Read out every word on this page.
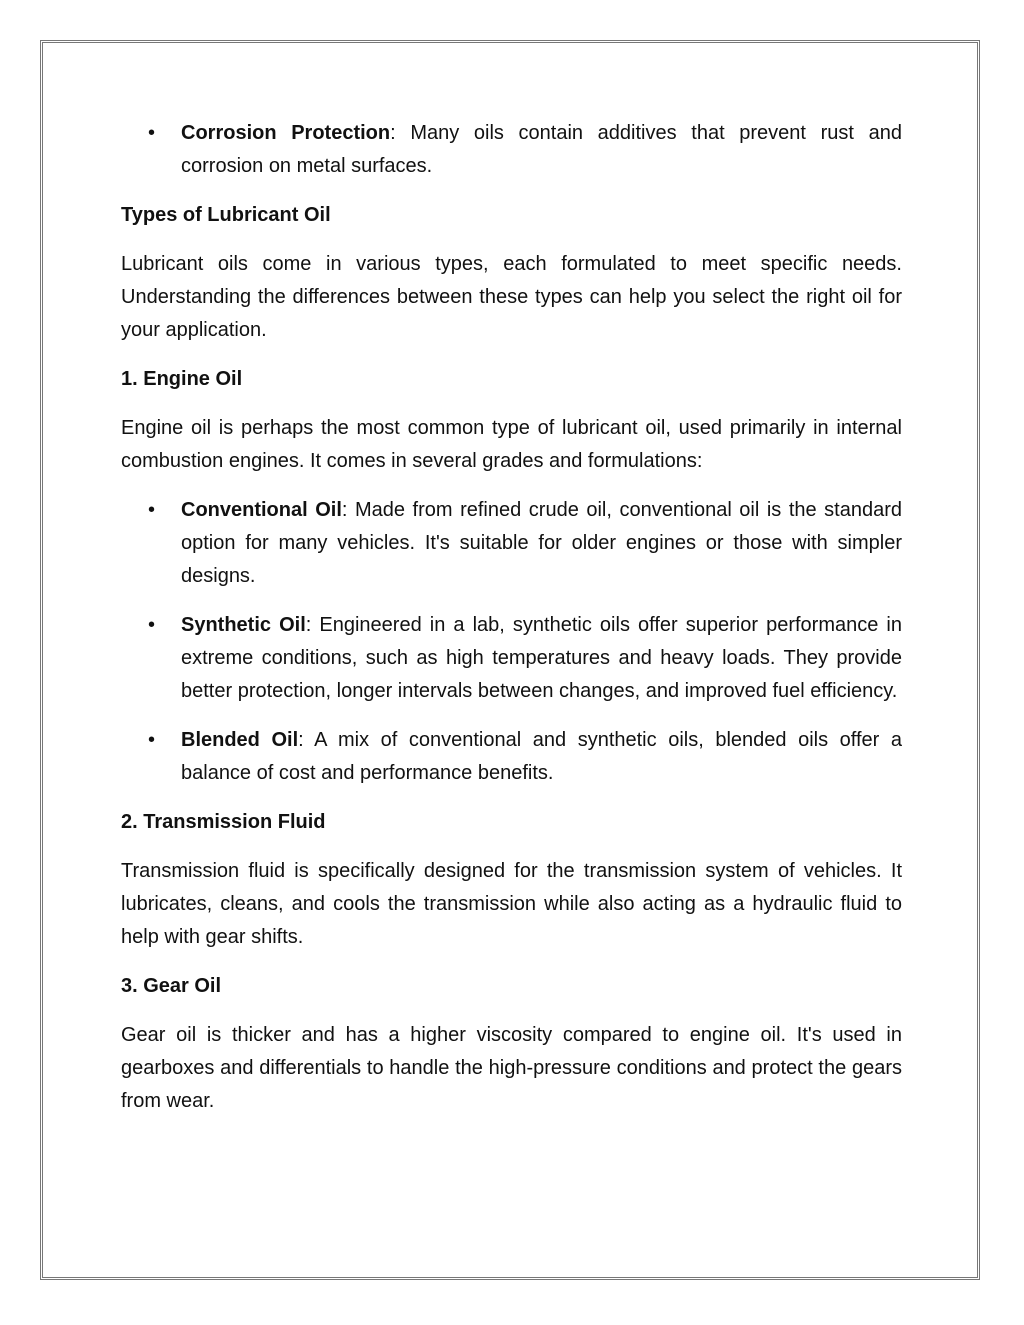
• Corrosion Protection: Many oils contain additives that prevent rust and corrosion on metal surfaces.

Types of Lubricant Oil

Lubricant oils come in various types, each formulated to meet specific needs. Understanding the differences between these types can help you select the right oil for your application.

1. Engine Oil

Engine oil is perhaps the most common type of lubricant oil, used primarily in internal combustion engines. It comes in several grades and formulations:

• Conventional Oil: Made from refined crude oil, conventional oil is the standard option for many vehicles. It's suitable for older engines or those with simpler designs.
• Synthetic Oil: Engineered in a lab, synthetic oils offer superior performance in extreme conditions, such as high temperatures and heavy loads. They provide better protection, longer intervals between changes, and improved fuel efficiency.
• Blended Oil: A mix of conventional and synthetic oils, blended oils offer a balance of cost and performance benefits.

2. Transmission Fluid

Transmission fluid is specifically designed for the transmission system of vehicles. It lubricates, cleans, and cools the transmission while also acting as a hydraulic fluid to help with gear shifts.

3. Gear Oil

Gear oil is thicker and has a higher viscosity compared to engine oil. It's used in gearboxes and differentials to handle the high-pressure conditions and protect the gears from wear.
